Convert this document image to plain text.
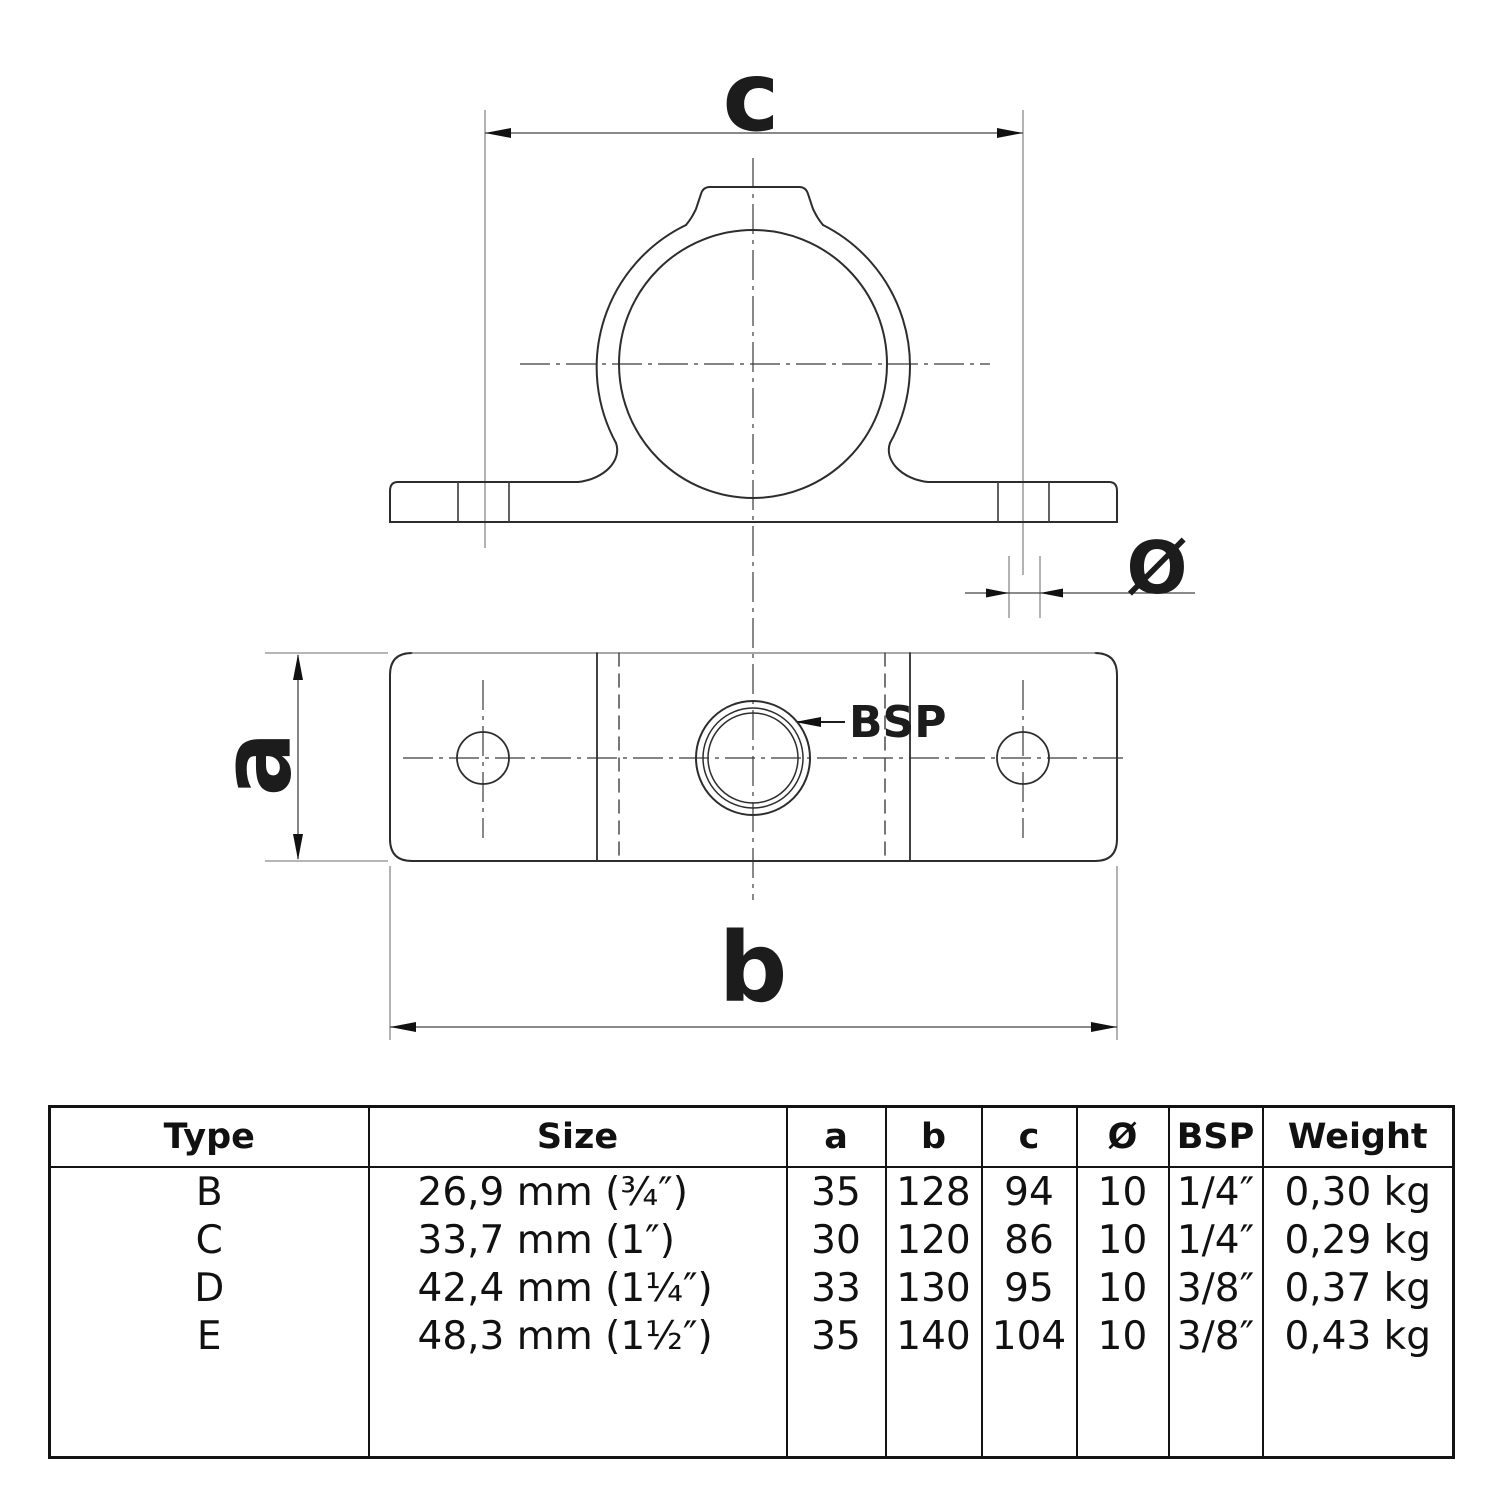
c
Ø
a
b
BSP
Type	Size	a	b	c	Ø	BSP	Weight
B	26,9 mm (¾″)	35	128	94	10	1/4″	0,30 kg
C	33,7 mm (1″)	30	120	86	10	1/4″	0,29 kg
D	42,4 mm (1¼″)	33	130	95	10	3/8″	0,37 kg
E	48,3 mm (1½″)	35	140	104	10	3/8″	0,43 kg
